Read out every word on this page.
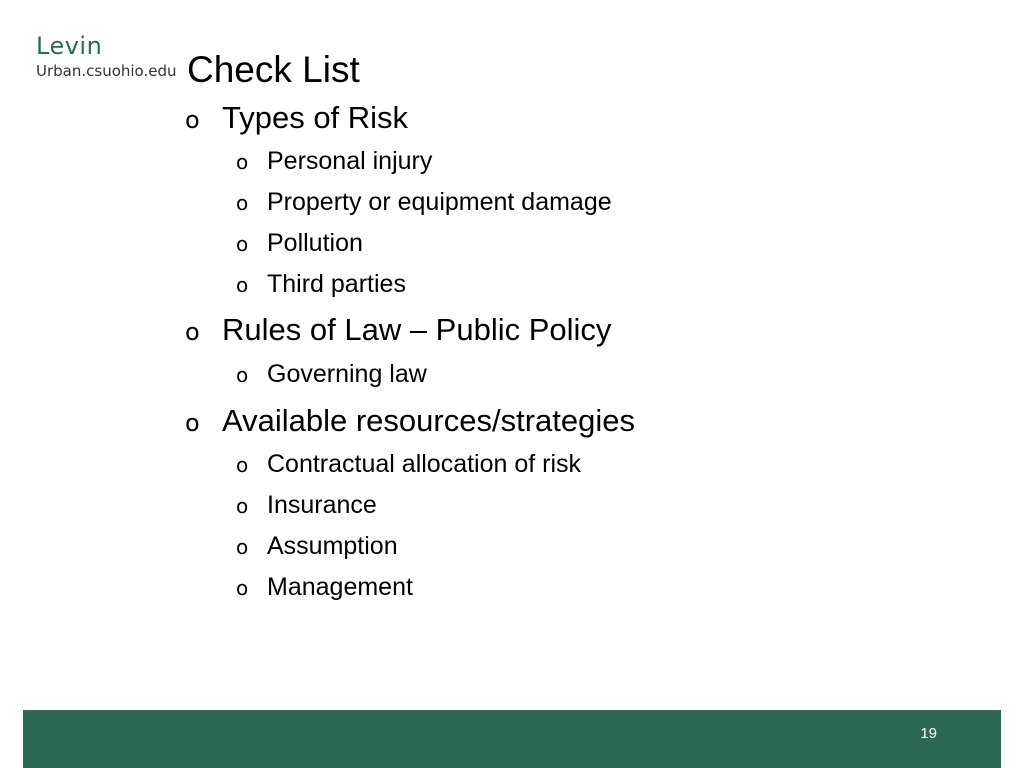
Levin
Urban.csuohio.edu Check List
o Types of Risk
o Personal injury
o Property or equipment damage
o Pollution
o Third parties
o Rules of Law – Public Policy
o Governing law
o Available resources/strategies
o Contractual allocation of risk
o Insurance
o Assumption
o Management
19
